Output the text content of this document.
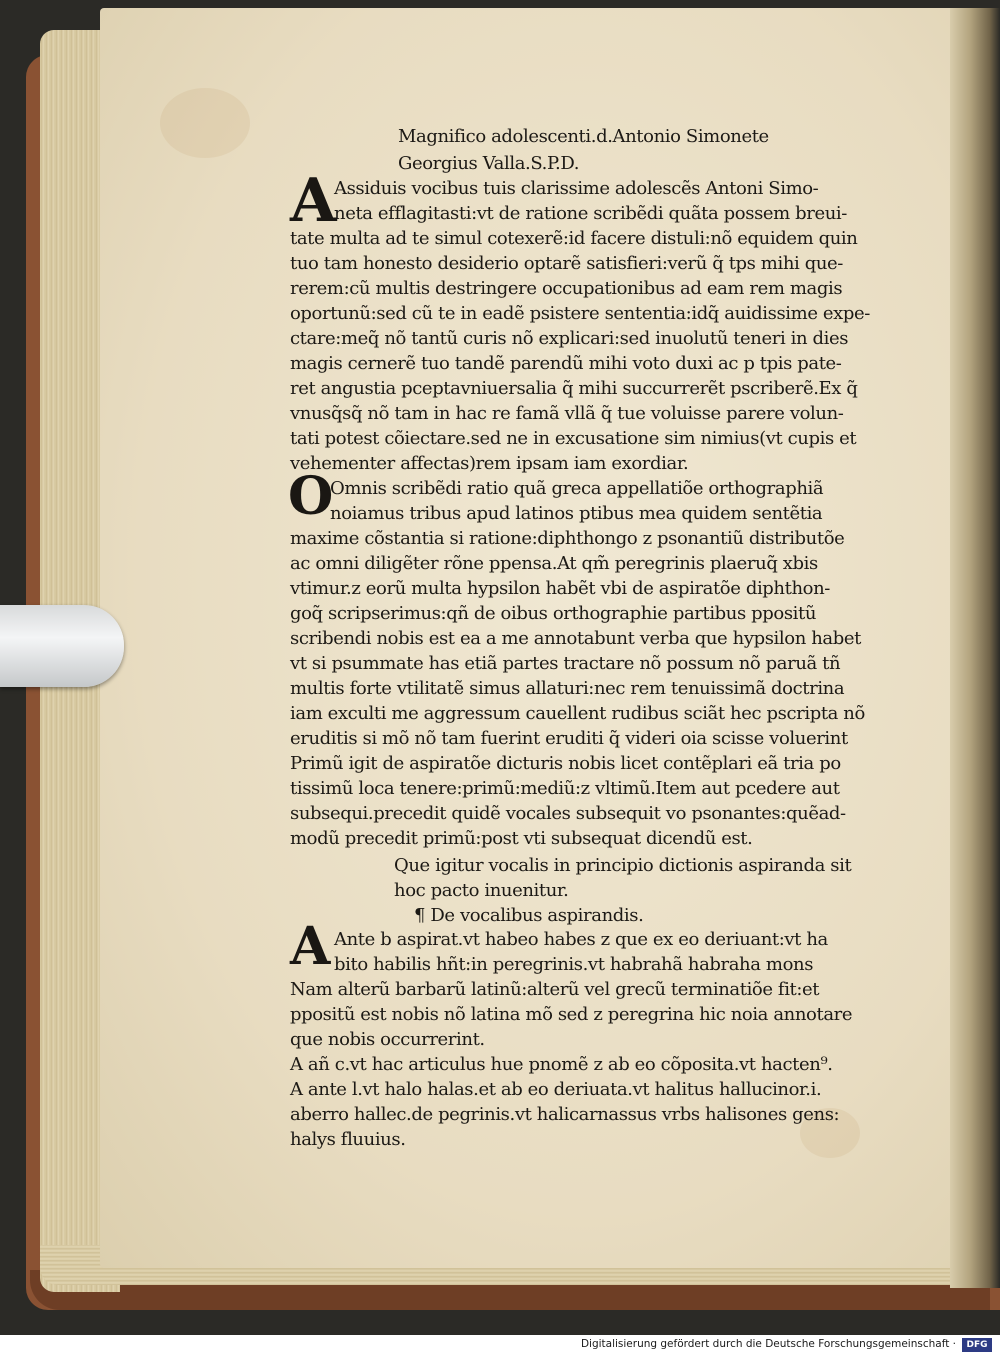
Magnifico adolescenti.d.Antonio Simonete
Georgius Valla.S.P.D.
A
Assiduis vocibus tuis clarissime adolescẽs Antoni Simo-
neta efflagitasti:vt de ratione scribẽdi quãta possem breui-
tate multa ad te simul cotexerẽ:id facere distuli:nõ equidem quin
tuo tam honesto desiderio optarẽ satisfieri:verũ q̃ tps mihi que-
rerem:cũ multis destringere occupationibus ad eam rem magis
oportunũ:sed cũ te in eadẽ psistere sententia:idq̃ auidissime expe-
ctare:meq̃ nõ tantũ curis nõ explicari:sed inuolutũ teneri in dies
magis cernerẽ tuo tandẽ parendũ mihi voto duxi ac p tpis pate-
ret angustia pceptavniuersalia q̃ mihi succurrerẽt pscriberẽ.Ex q̃
vnusq̃sq̃ nõ tam in hac re famã vllã q̃ tue voluisse parere volun-
tati potest cõiectare.sed ne in excusatione sim nimius(vt cupis et
vehementer affectas)rem ipsam iam exordiar.
O
Omnis scribẽdi ratio quã greca appellatiõe orthographiã
noiamus tribus apud latinos ptibus mea quidem sentẽtia
maxime cõstantia si ratione:diphthongo z psonantiũ distributõe
ac omni diligẽter rõne ppensa.At qm̃ peregrinis plaeruq̃ xbis
vtimur.z eorũ multa hypsilon habẽt vbi de aspiratõe diphthon-
goq̃ scripserimus:qñ de oibus orthographie partibus ppositũ
scribendi nobis est ea a me annotabunt verba que hypsilon habet
vt si psummate has etiã partes tractare nõ possum nõ paruã tñ
multis forte vtilitatẽ simus allaturi:nec rem tenuissimã doctrina
iam exculti me aggressum cauellent rudibus sciãt hec pscripta nõ
eruditis si mõ nõ tam fuerint eruditi q̃ videri oia scisse voluerint
Primũ igit de aspiratõe dicturis nobis licet contẽplari eã tria po
tissimũ loca tenere:primũ:mediũ:z vltimũ.Item aut pcedere aut
subsequi.precedit quidẽ vocales subsequit vo psonantes:quẽad-
modũ precedit primũ:post vti subsequat dicendũ est.
Que igitur vocalis in principio dictionis aspiranda sit
hoc pacto inuenitur.
¶ De vocalibus aspirandis.
A Ante b aspirat.vt habeo habes z que ex eo deriuant:vt ha
bito habilis hñt:in peregrinis.vt habrahã habraha mons
Nam alterũ barbarũ latinũ:alterũ vel grecũ terminatiõe fit:et
ppositũ est nobis nõ latina mõ sed z peregrina hic noia annotare
que nobis occurrerint.
A añ c.vt hac articulus hue pnomẽ z ab eo cõposita.vt hacten⁹.
A ante l.vt halo halas.et ab eo deriuata.vt halitus hallucinor.i.
aberro hallec.de pegrinis.vt halicarnassus vrbs halisones gens:
halys fluuius.
Digitalisierung gefördert durch die Deutsche Forschungsgemeinschaft ·	DFG
